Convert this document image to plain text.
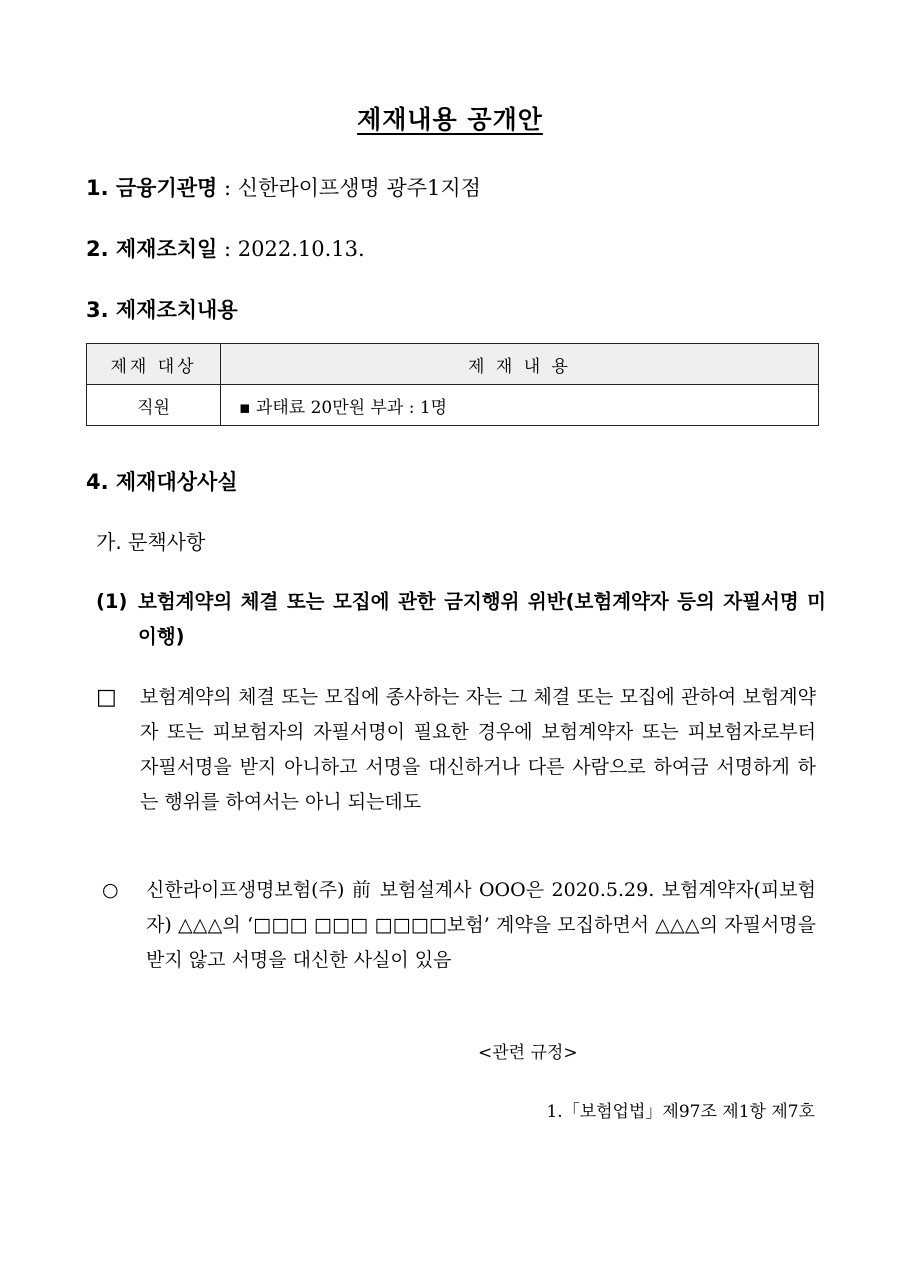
제재내용 공개안
1. 금융기관명 : 신한라이프생명 광주1지점
2. 제재조치일 : 2022.10.13.
3. 제재조치내용
제재 대상	제 재 내 용
직원	▪ 과태료 20만원 부과 : 1명
4. 제재대상사실
가. 문책사항
(1) 보험계약의 체결 또는 모집에 관한 금지행위 위반(보험계약자 등의 자필서명 미이행)
□ 보험계약의 체결 또는 모집에 종사하는 자는 그 체결 또는 모집에 관하여 보험계약자 또는 피보험자의 자필서명이 필요한 경우에 보험계약자 또는 피보험자로부터 자필서명을 받지 아니하고 서명을 대신하거나 다른 사람으로 하여금 서명하게 하는 행위를 하여서는 아니 되는데도
○ 신한라이프생명보험(주) 前 보험설계사 OOO은 2020.5.29. 보험계약자(피보험자) △△△의 ‘□□□ □□□ □□□□보험’ 계약을 모집하면서 △△△의 자필서명을 받지 않고 서명을 대신한 사실이 있음
<관련 규정>
1.「보험업법」제97조 제1항 제7호
